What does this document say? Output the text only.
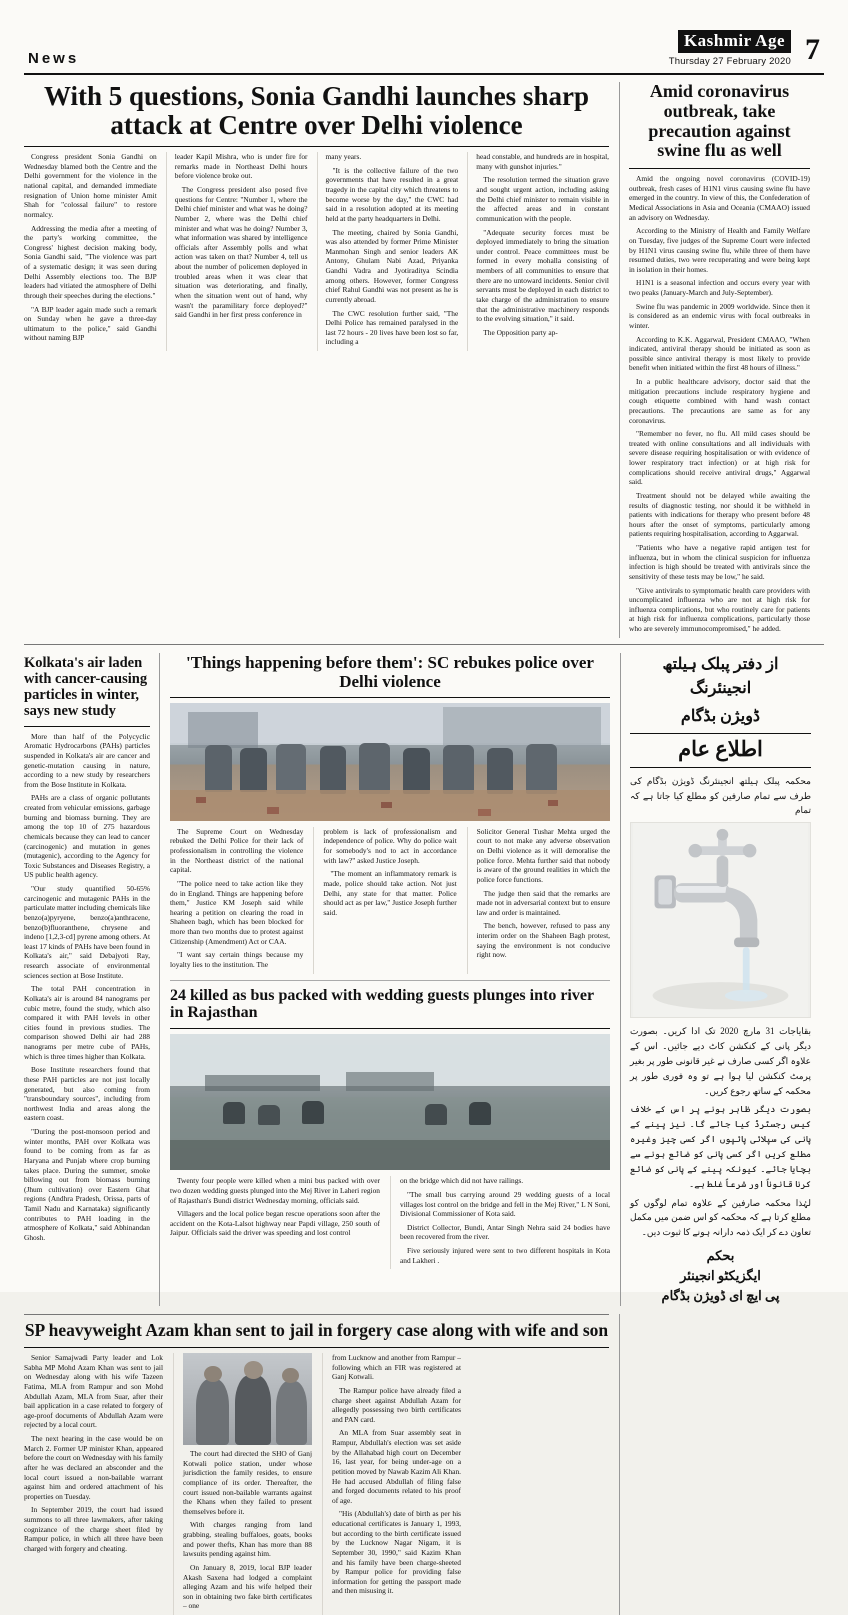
News
Kashmir Age
Thursday 27 February 2020 7
With 5 questions, Sonia Gandhi launches sharp attack at Centre over Delhi violence

Congress president Sonia Gandhi on Wednesday blamed both the Centre and the Delhi government for the violence in the national capital, and demanded immediate resignation of Union home minister Amit Shah for "colossal failure" to restore normalcy.

Addressing the media after a meeting of the party's working committee, the Congress' highest decision making body, Sonia Gandhi said, "The violence was part of a systematic design; it was seen during Delhi Assembly elections too. The BJP leaders had vitiated the atmosphere of Delhi through their speeches during the elections."

"A BJP leader again made such a remark on Sunday when he gave a three-day ultimatum to the police," said Gandhi without naming BJP

leader Kapil Mishra, who is under fire for remarks made in Northeast Delhi hours before violence broke out.

The Congress president also posed five questions for Centre: "Number 1, where the Delhi chief minister and what was he doing? Number 2, where was the Delhi chief minister and what was he doing? Number 3, what information was shared by intelligence officials after Assembly polls and what action was taken on that? Number 4, tell us about the number of policemen deployed in troubled areas when it was clear that situation was deteriorating, and finally, when the situation went out of hand, why wasn't the paramilitary force deployed?" said Gandhi in her first press conference in

many years.

"It is the collective failure of the two governments that have resulted in a great tragedy in the capital city which threatens to become worse by the day," the CWC had said in a resolution adopted at its meeting held at the party headquarters in Delhi.

The meeting, chaired by Sonia Gandhi, was also attended by former Prime Minister Manmohan Singh and senior leaders AK Antony, Ghulam Nabi Azad, Priyanka Gandhi Vadra and Jyotiraditya Scindia among others. However, former Congress chief Rahul Gandhi was not present as he is currently abroad.

The CWC resolution further said, "The Delhi Police has remained paralysed in the last 72 hours - 20 lives have been lost so far, including a

head constable, and hundreds are in hospital, many with gunshot injuries."

The resolution termed the situation grave and sought urgent action, including asking the Delhi chief minister to remain visible in the affected areas and in constant communication with the people.

"Adequate security forces must be deployed immediately to bring the situation under control. Peace committees must be formed in every mohalla consisting of members of all communities to ensure that there are no untoward incidents. Senior civil servants must be deployed in each district to take charge of the administration to ensure that the administrative machinery responds to the evolving situation," it said.

The Opposition party ap-

Amid coronavirus outbreak, take precaution against swine flu as well

Amid the ongoing novel coronavirus (COVID-19) outbreak, fresh cases of H1N1 virus causing swine flu have emerged in the country. In view of this, the Confederation of Medical Associations in Asia and Oceania (CMAAO) issued an advisory on Wednesday.

According to the Ministry of Health and Family Welfare on Tuesday, five judges of the Supreme Court were infected by H1N1 virus causing swine flu, while three of them have resumed duties, two were recuperating and were being kept in isolation in their homes.

H1N1 is a seasonal infection and occurs every year with two peaks (January-March and July-September).

Swine flu was pandemic in 2009 worldwide. Since then it is considered as an endemic virus with focal outbreaks in winter.

According to K.K. Aggarwal, President CMAAO, "When indicated, antiviral therapy should be initiated as soon as possible since antiviral therapy is most likely to provide benefit when initiated within the first 48 hours of illness."

In a public healthcare advisory, doctor said that the mitigation precautions include respiratory hygiene and cough etiquette combined with hand wash contact precautions. The precautions are same as for any coronavirus.

"Remember no fever, no flu. All mild cases should be treated with online consultations and all individuals with severe disease requiring hospitalisation or with evidence of lower respiratory tract infection) or at high risk for complications should receive antiviral drugs," Aggarwal said.

Treatment should not be delayed while awaiting the results of diagnostic testing, nor should it be withheld in patients with indications for therapy who present before 48 hours after the onset of symptoms, particularly among patients requiring hospitalisation, according to Aggarwal.

"Patients who have a negative rapid antigen test for influenza, but in whom the clinical suspicion for influenza infection is high should be treated with antivirals since the sensitivity of these tests may be low," he said.

"Give antivirals to symptomatic health care providers with uncomplicated influenza who are not at high risk for influenza complications, but who routinely care for patients at high risk for influenza complications, particularly those who are severely immunocompromised," he added.

Kolkata's air laden with cancer-causing particles in winter, says new study

More than half of the Polycyclic Aromatic Hydrocarbons (PAHs) particles suspended in Kolkata's air are cancer and genetic-mutation causing in nature, according to a new study by researchers from the Bose Institute in Kolkata.

PAHs are a class of organic pollutants created from vehicular emissions, garbage burning and biomass burning. They are among the top 10 of 275 hazardous chemicals because they can lead to cancer (carcinogenic) and mutation in genes (mutagenic), according to the Agency for Toxic Substances and Diseases Registry, a US public health agency.

"Our study quantified 50-65% carcinogenic and mutagenic PAHs in the particulate matter including chemicals like benzo(a)pyryene, benzo(a)anthracene, benzo(b)fluoranthene, chrysene and indeno [1,2,3-cd] pyrene among others. At least 17 kinds of PAHs have been found in Kolkata's air," said Debajyoti Ray, research associate of environmental sciences section at Bose Institute.

The total PAH concentration in Kolkata's air is around 84 nanograms per cubic metre, found the study, which also compared it with PAH levels in other cities found in previous studies. The comparison showed Delhi air had 288 nanograms per metre cube of PAHs, which is three times higher than Kolkata.

Bose Institute researchers found that these PAH particles are not just locally generated, but also coming from "transboundary sources", including from northwest India and areas along the eastern coast.

"During the post-monsoon period and winter months, PAH over Kolkata was found to be coming from as far as Haryana and Punjab where crop burning takes place. During the summer, smoke billowing out from biomass burning (Jhum cultivation) over Eastern Ghat regions (Andhra Pradesh, Orissa, parts of Tamil Nadu and Karnataka) significantly contributes to PAH loading in the atmosphere of Kolkata," said Abhinandan Ghosh.

'Things happening before them': SC rebukes police over Delhi violence

The Supreme Court on Wednesday rebuked the Delhi Police for their lack of professionalism in controlling the violence in the Northeast district of the national capital.

"The police need to take action like they do in England. Things are happening before them," Justice KM Joseph said while hearing a petition on clearing the road in Shaheen bagh, which has been blocked for more than two months due to protest against Citizenship (Amendment) Act or CAA.

"I want say certain things because my loyalty lies to the institution. The

problem is lack of professionalism and independence of police. Why do police wait for somebody's nod to act in accordance with law?" asked Justice Joseph.

"The moment an inflammatory remark is made, police should take action. Not just Delhi, any state for that matter. Police should act as per law," Justice Joseph further said.

Solicitor General Tushar Mehta urged the court to not make any adverse observation on Delhi violence as it will demoralise the police force. Mehta further said that nobody is aware of the ground realities in which the police force functions.

The judge then said that the remarks are made not in adversarial context but to ensure law and order is maintained.

The bench, however, refused to pass any interim order on the Shaheen Bagh protest, saying the environment is not conducive right now.

24 killed as bus packed with wedding guests plunges into river in Rajasthan

Twenty four people were killed when a mini bus packed with over two dozen wedding guests plunged into the Mej River in Laheri region of Rajasthan's Bundi district Wednesday morning, officials said.

Villagers and the local police began rescue operations soon after the accident on the Kota-Lalsot highway near Papdi village, 250 south of Jaipur. Officials said the driver was speeding and lost control

on the bridge which did not have railings.

"The small bus carrying around 29 wedding guests of a local villages lost control on the bridge and fell in the Mej River," L N Soni, Divisional Commissioner of Kota said.

District Collector, Bundi, Antar Singh Nehra said 24 bodies have been recovered from the river.

Five seriously injured were sent to two different hospitals in Kota and Lakheri .

از دفتر پبلک ہیلتھ انجینئرنگ
ڈویژن بڈگام
اطلاع عام

محکمہ پبلک ہیلتھ انجینئرنگ ڈویژن بڈگام کی طرف سے تمام صارفین کو مطلع کیا جاتا ہے کہ تمام

بقایاجات 31 مارچ 2020 تک ادا کریں۔ بصورت دیگر پانی کے کنکشن کاٹ دیے جائیں۔ اس کے علاوہ اگر کسی صارف نے غیر قانونی طور پر بغیر پرمٹ کنکشن لیا ہوا ہے تو وہ فوری طور پر محکمہ کے ساتھ رجوع کریں۔

بصورت دیگر ظاہر ہونے پر اس کے خلاف کیس رجسٹرڈ کیا جائے گا۔ نیز پینے کے پانی کی سپلائی پائپوں اگر کسی چیز وغیرہ مطلع کریں اگر کسی پانی کو ضائع ہونے سے بچایا جائے۔ کیونکہ پینے کے پانی کو ضائع کرنا قانوناً اور شرعاً غلط ہے۔

لہٰذا محکمہ صارفین کے علاوہ تمام لوگوں کو مطلع کرتا ہے کہ محکمہ کو اس ضمن میں مکمل تعاون دے کر ایک ذمہ دارانہ ہونے کا ثبوت دیں۔

بحکم
ایگزیکٹو انجینئر
پی ایچ ای ڈویژن بڈگام
SP heavyweight Azam khan sent to jail in forgery case along with wife and son

Senior Samajwadi Party leader and Lok Sabha MP Mohd Azam Khan was sent to jail on Wednesday along with his wife Tazeen Fatima, MLA from Rampur and son Mohd Abdullah Azam, MLA from Suar, after their bail application in a case related to forgery of age-proof documents of Abdullah Azam were rejected by a local court.

The next hearing in the case would be on March 2. Former UP minister Khan, appeared before the court on Wednesday with his family after he was declared an absconder and the local court issued a non-bailable warrant against him and ordered attachment of his properties on Tuesday.

In September 2019, the court had issued summons to all three lawmakers, after taking cognizance of the charge sheet filed by Rampur police, in which all three have been charged with forgery and cheating.

The court had directed the SHO of Ganj Kotwali police station, under whose jurisdiction the family resides, to ensure compliance of its order. Thereafter, the court issued non-bailable warrants against the Khans when they failed to present themselves before it.

With charges ranging from land grabbing, stealing buffaloes, goats, books and power thefts, Khan has more than 88 lawsuits pending against him.

On January 8, 2019, local BJP leader Akash Saxena had lodged a complaint alleging Azam and his wife helped their son in obtaining two fake birth certificates – one

from Lucknow and another from Rampur – following which an FIR was registered at Ganj Kotwali.

The Rampur police have already filed a charge sheet against Abdullah Azam for allegedly possessing two birth certificates and PAN card.

An MLA from Suar assembly seat in Rampur, Abdullah's election was set aside by the Allahabad high court on December 16, last year, for being under-age on a petition moved by Nawab Kazim Ali Khan. He had accused Abdullah of filing false and forged documents related to his proof of age.

"His (Abdullah's) date of birth as per his educational certificates is January 1, 1993, but according to the birth certificate issued by the Lucknow Nagar Nigam, it is September 30, 1990," said Kazim Khan and his family have been charge-sheeted by Rampur police for providing false information for getting the passport made and then misusing it.
